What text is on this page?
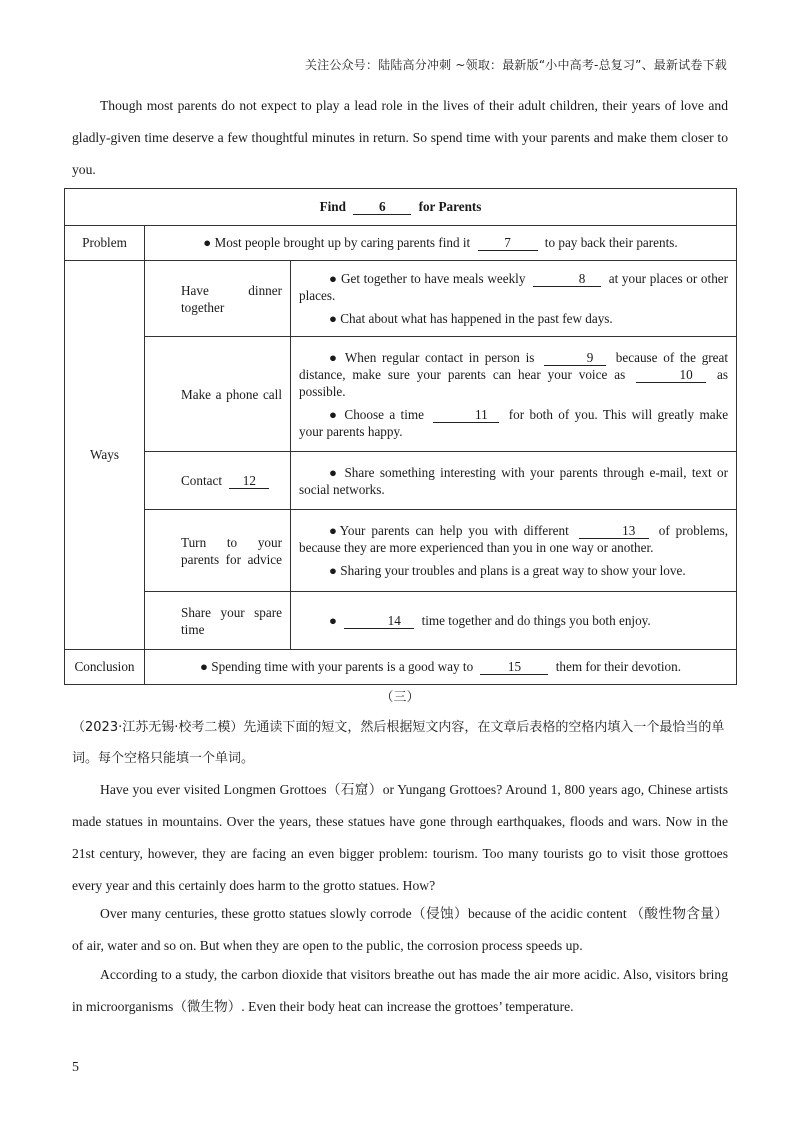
关注公众号：陆陆高分冲刺 ~领取：最新版“小中高考-总复习”、最新试卷下载
Though most parents do not expect to play a lead role in the lives of their adult children, their years of love and gladly-given time deserve a few thoughtful minutes in return. So spend time with your parents and make them closer to you.
Find 6 for Parents		
Problem	● Most people brought up by caring parents find it 7 to pay back their parents.	
Ways	Have dinner together	● Get together to have meals weekly 8 at your places or other places.

● Chat about what has happened in the past few days.

	Make a phone call	● When regular contact in person is 9 because of the great distance, make sure your parents can hear your voice as 10 as possible.

● Choose a time 11 for both of you. This will greatly make your parents happy.

	Contact 12	● Share something interesting with your parents through e-mail, text or social networks.

	Turn to your parents for advice	●Your parents can help you with different 13 of problems, because they are more experienced than you in one way or another.

● Sharing your troubles and plans is a great way to show your love.

	Share your spare time	● 14 time together and do things you both enjoy.

Conclusion	● Spending time with your parents is a good way to 15 them for their devotion.	
（三）
（2023·江苏无锡·校考二模）先通读下面的短文，然后根据短文内容，在文章后表格的空格内填入一个最恰当的单词。每个空格只能填一个单词。
Have you ever visited Longmen Grottoes（石窟）or Yungang Grottoes? Around 1, 800 years ago, Chinese artists made statues in mountains. Over the years, these statues have gone through earthquakes, floods and wars. Now in the 21st century, however, they are facing an even bigger problem: tourism. Too many tourists go to visit those grottoes every year and this certainly does harm to the grotto statues. How?
Over many centuries, these grotto statues slowly corrode（侵蚀）because of the acidic content （酸性物含量）of air, water and so on. But when they are open to the public, the corrosion process speeds up.
According to a study, the carbon dioxide that visitors breathe out has made the air more acidic. Also, visitors bring in microorganisms（微生物）. Even their body heat can increase the grottoes’ temperature.
5
